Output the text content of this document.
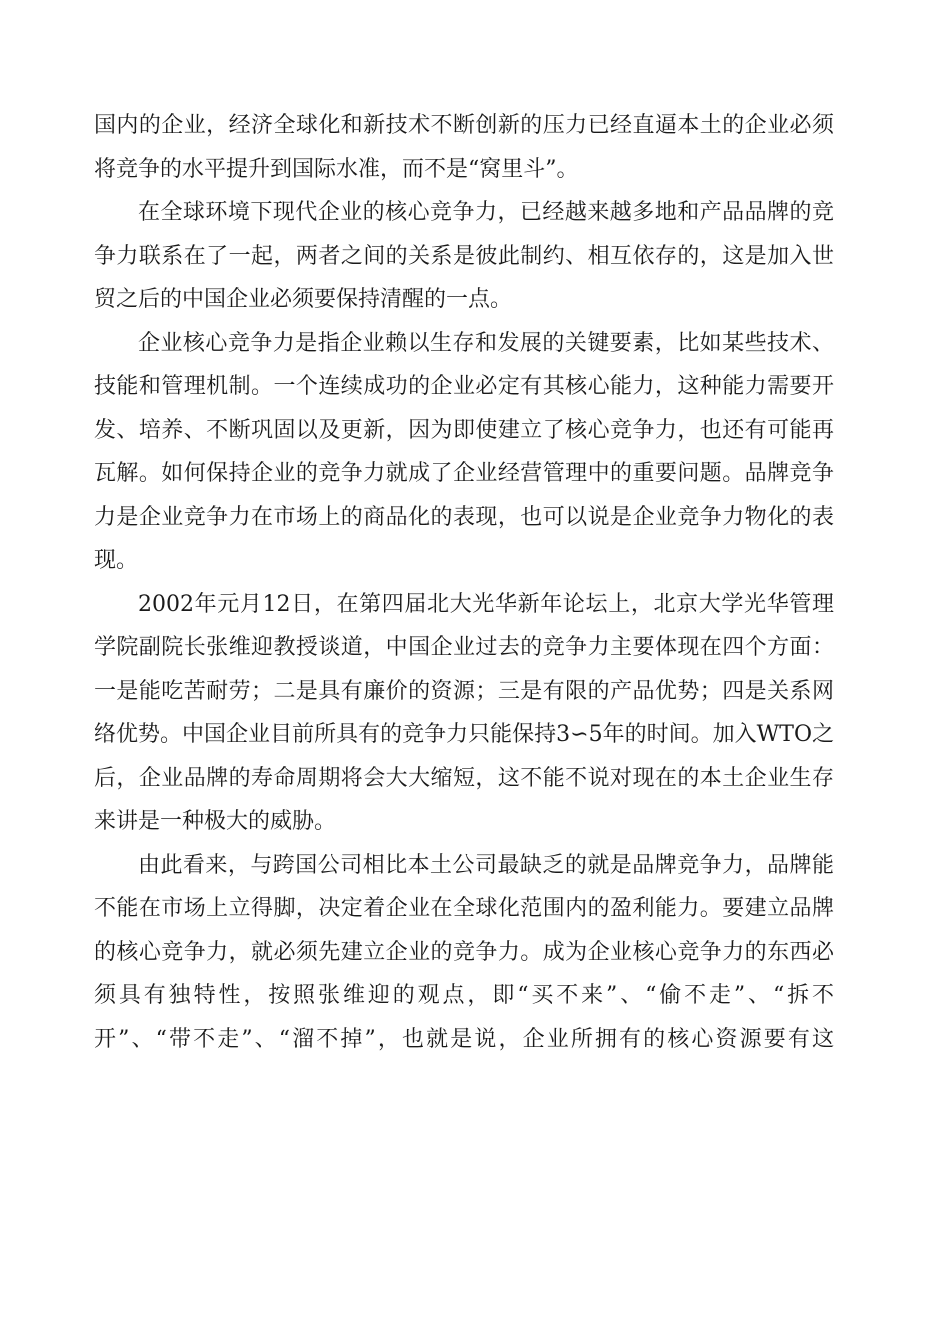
国内的企业，经济全球化和新技术不断创新的压力已经直逼本土的企业必须
将竞争的水平提升到国际水准，而不是“窝里斗”。
在全球环境下现代企业的核心竞争力，已经越来越多地和产品品牌的竞
争力联系在了一起，两者之间的关系是彼此制约、相互依存的，这是加入世
贸之后的中国企业必须要保持清醒的一点。
企业核心竞争力是指企业赖以生存和发展的关键要素，比如某些技术、
技能和管理机制。一个连续成功的企业必定有其核心能力，这种能力需要开
发、培养、不断巩固以及更新，因为即使建立了核心竞争力，也还有可能再
瓦解。如何保持企业的竞争力就成了企业经营管理中的重要问题。品牌竞争
力是企业竞争力在市场上的商品化的表现，也可以说是企业竞争力物化的表
现。
2002年元月12日，在第四届北大光华新年论坛上，北京大学光华管理
学院副院长张维迎教授谈道，中国企业过去的竞争力主要体现在四个方面：
一是能吃苦耐劳；二是具有廉价的资源；三是有限的产品优势；四是关系网
络优势。中国企业目前所具有的竞争力只能保持3∽5年的时间。加入WTO之
后，企业品牌的寿命周期将会大大缩短，这不能不说对现在的本土企业生存
来讲是一种极大的威胁。
由此看来，与跨国公司相比本土公司最缺乏的就是品牌竞争力，品牌能
不能在市场上立得脚，决定着企业在全球化范围内的盈利能力。要建立品牌
的核心竞争力，就必须先建立企业的竞争力。成为企业核心竞争力的东西必
须具有独特性，按照张维迎的观点，即“买不来”、“偷不走”、“拆不
开”、“带不走”、“溜不掉”，也就是说，企业所拥有的核心资源要有这
